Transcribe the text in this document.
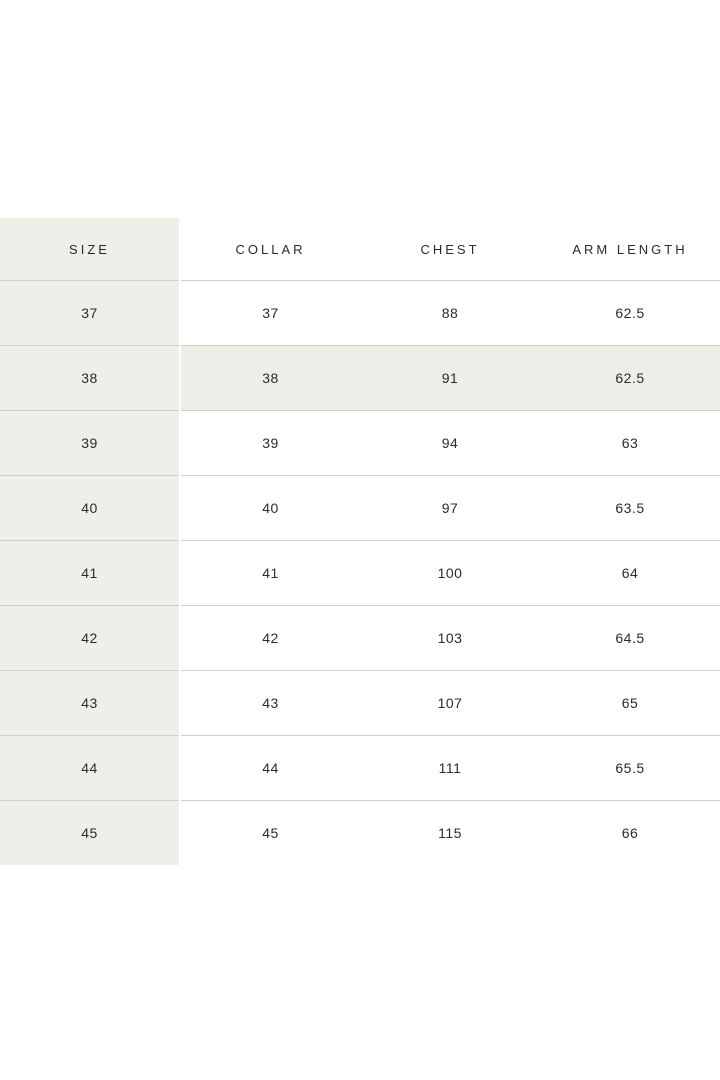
SIZE	COLLAR	CHEST	ARM LENGTH
37	37	88	62.5
38	38	91	62.5
39	39	94	63
40	40	97	63.5
41	41	100	64
42	42	103	64.5
43	43	107	65
44	44	111	65.5
45	45	115	66
